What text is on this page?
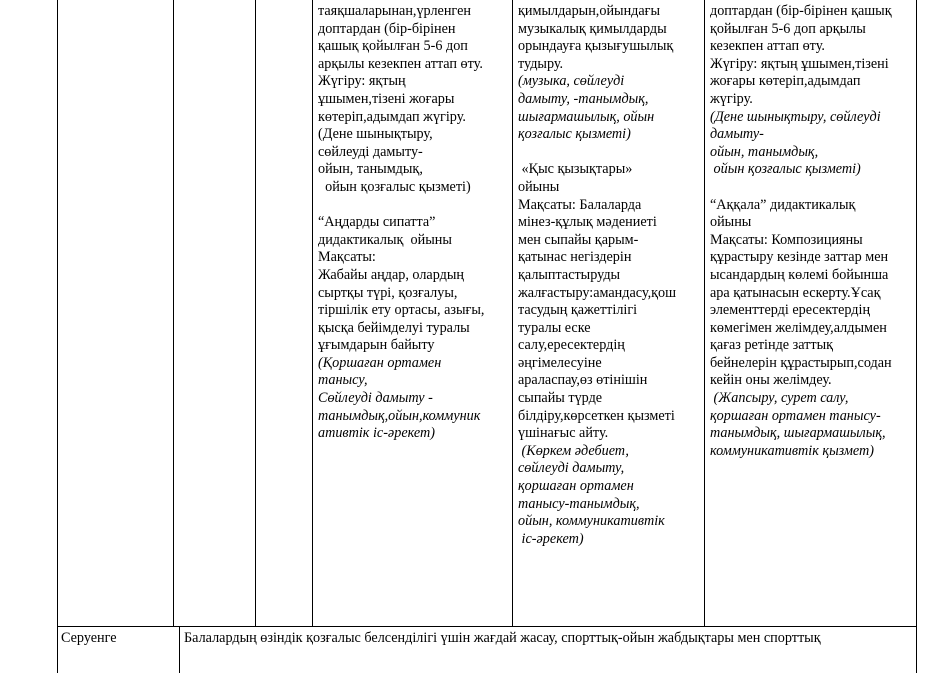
таяқшаларынан,үрленген
доптардан (бір-бірінен
қашық қойылған 5-6 доп
арқылы кезекпен аттап өту.
Жүгіру: яқтың
ұшымен,тізені жоғары
көтеріп,адымдап жүгіру.
(Дене шынықтыру,
сөйлеуді дамыту-
ойын, танымдық,
ойын қозғалыс қызметі)
“Аңдарды сипатта”
дидактикалық  ойыны
Мақсаты:
Жабайы аңдар, олардың
сыртқы түрі, қозғалуы,
тіршілік ету ортасы, азығы,
қысқа бейімделуі туралы
ұғымдарын байыту
(Қоршаған ортамен
танысу,
Сөйлеуді дамыту -
танымдық,ойын,коммуник
ативтік іс-әрекет)
қимылдарын,ойындағы
музыкалық қимылдарды
орындауға қызығушылық
тудыру.
(музыка, сөйлеуді
дамыту, -танымдық,
шығармашылық, ойын
қозғалыс қызметі)
«Қыс қызықтары»
ойыны
Мақсаты: Балаларда
мінез-құлық мәдениеті
мен сыпайы қарым-
қатынас негіздерін
қалыптастыруды
жалғастыру:амандасу,қош
тасудың қажеттілігі
туралы еске
салу,ересектердің
әңгімелесуіне
араласпау,өз өтінішін
сыпайы түрде
білдіру,көрсеткен қызметі
үшінағыс айту.
(Көркем әдебиет,
сөйлеуді дамыту,
қоршаған ортамен
танысу-танымдық,
ойын, коммуникативтік
іс-әрекет)
доптардан (бір-бірінен қашық
қойылған 5-6 доп арқылы
кезекпен аттап өту.
Жүгіру: яқтың ұшымен,тізені
жоғары көтеріп,адымдап
жүгіру.
(Дене шынықтыру, сөйлеуді
дамыту-
ойын, танымдық,
ойын қозғалыс қызметі)
“Аққала” дидактикалық
ойыны
Мақсаты: Композицияны
құрастыру кезінде заттар мен
ысандардың көлемі бойынша
ара қатынасын ескерту.Ұсақ
элементтерді ересектердің
көмегімен желімдеу,алдымен
қағаз ретінде заттық
бейнелерін құрастырып,содан
кейін оны желімдеу.
(Жапсыру, сурет салу,
қоршаған ортамен танысу-
танымдық, шығармашылық,
коммуникативтік қызмет)
Серуенге	Балалардың өзіндік қозғалыс белсенділігі үшін жағдай жасау, спорттық-ойын жабдықтары мен спорттық
